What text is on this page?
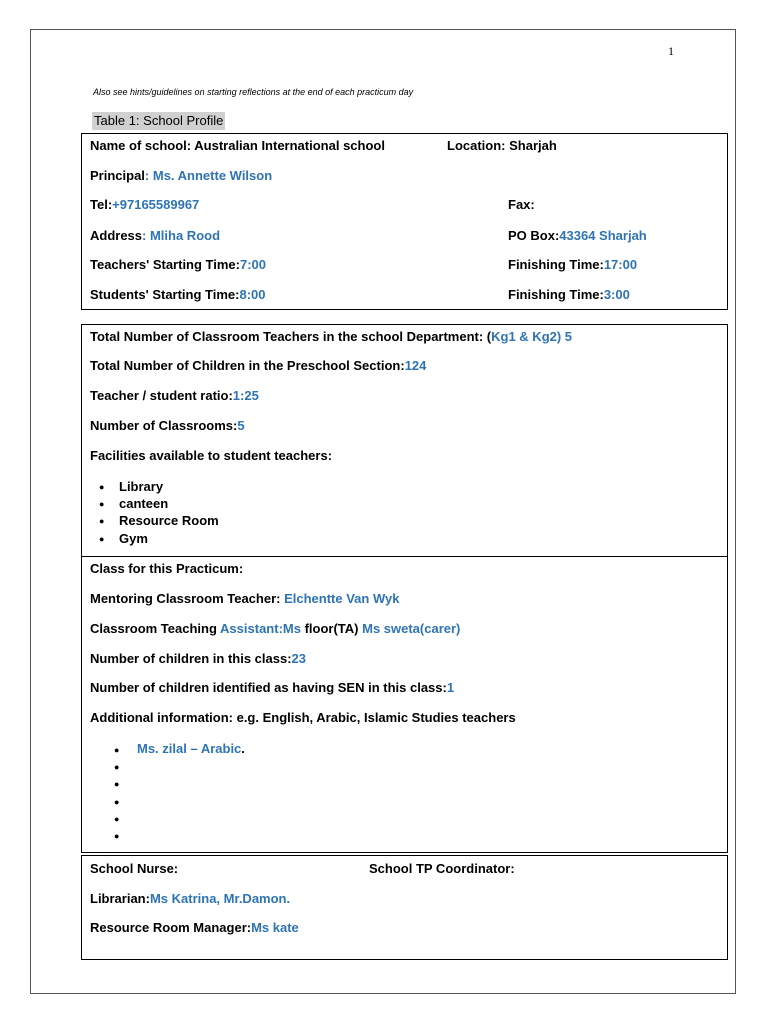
1
Also see hints/guidelines on starting reflections at the end of each practicum day
Table 1: School Profile
Name of school: Australian International school	Location: Sharjah
Principal: Ms. Annette Wilson
Tel:+97165589967	Fax:
Address: Mliha Rood	PO Box:43364 Sharjah
Teachers' Starting Time:7:00	Finishing Time:17:00
Students' Starting Time:8:00	Finishing Time:3:00
Total Number of Classroom Teachers in the school Department: (Kg1 & Kg2) 5
Total Number of Children in the Preschool Section:124
Teacher / student ratio:1:25
Number of Classrooms:5
Facilities available to student teachers:
● Library
● canteen
● Resource Room
● Gym
Class for this Practicum:
Mentoring Classroom Teacher: Elchentte Van Wyk
Classroom Teaching Assistant:Ms floor(TA) Ms sweta(carer)
Number of children in this class:23
Number of children identified as having SEN in this class:1
Additional information: e.g. English, Arabic, Islamic Studies teachers
● Ms. zilal – Arabic.
●
●
●
●
●
School Nurse:	School TP Coordinator:
Librarian:Ms Katrina, Mr.Damon.
Resource Room Manager:Ms kate
